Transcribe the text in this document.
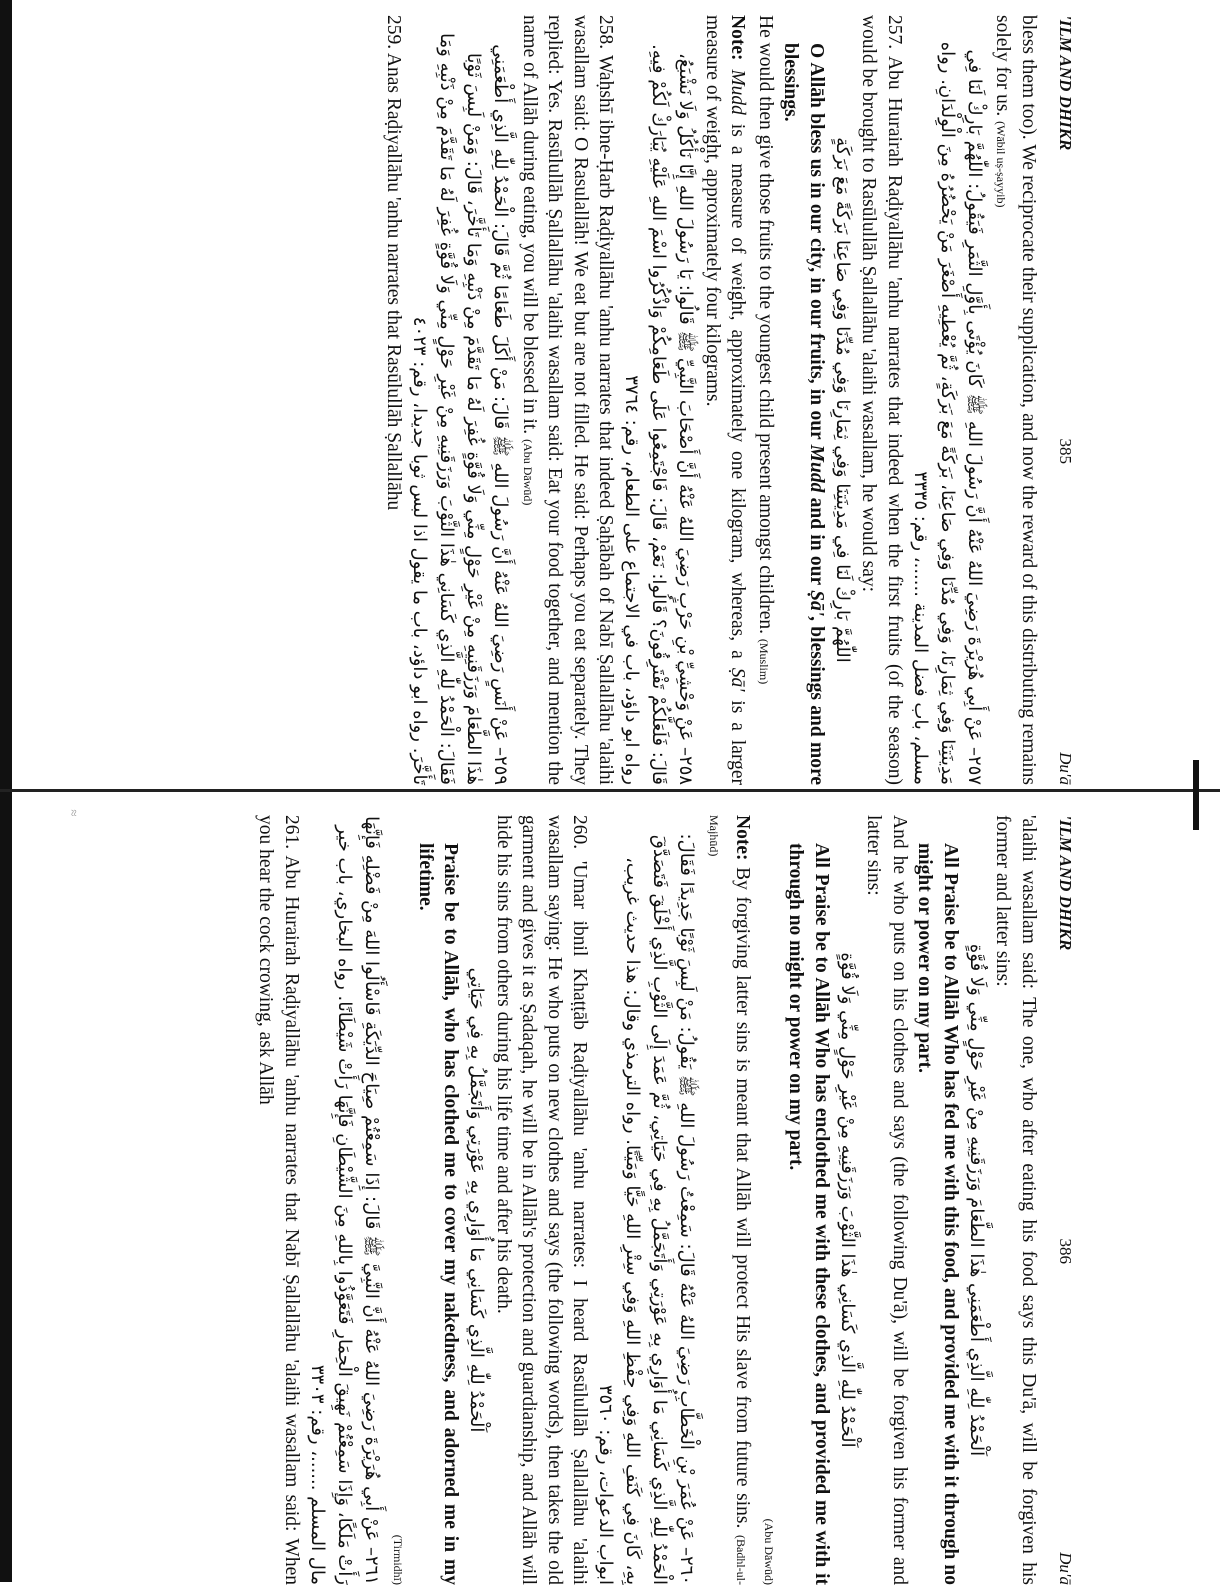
≈
'ILM AND DHIKR
385
Du'ā

bless them too). We reciprocate their supplication, and now the reward of this distributing remains solely for us. (Wābil uṣ-ṣayyib)

٢٥٧– عَنْ أَبِي هُرَيْرَةَ رَضِيَ اللهُ عَنْهُ أَنَّ رَسُولَ اللهِ ﷺ كَانَ يُؤْتَى بِأَوَّلِ الثَّمَرِ فَيَقُولُ: اللّٰهُمَّ بَارِكْ لَنَا فِي مَدِينَتِنَا وَفِي ثِمَارِنَا، وَفِي مُدِّنَا وَفِي صَاعِنَا، بَرَكَةً مَعَ بَرَكَةٍ، ثُمَّ يُعْطِيهِ أَصْغَرَ مَنْ يَحْضُرُهُ مِنَ الْوِلْدَانِ. رواه مسلم، باب فضل المدينة ......، رقم: ٣٣٣٥

257. Abu Hurairah Raḍiyallāhu 'anhu narrates that indeed when the first fruits (of the season) would be brought to Rasūlullāh Ṣallallāhu 'alaihi wasallam, he would say:

اللّٰهُمَّ بَارِكْ لَنَا فِي مَدِينَتِنَا وَفِي ثِمَارِنَا وَفِي مُدِّنَا وَفِي صَاعِنَا بَرَكَةً مَعَ بَرَكَةٍ

O Allāh bless us in our city, in our fruits, in our Mudd and in our Ṣā', blessings and more blessings.

He would then give those fruits to the youngest child present amongst children. (Muslim)

Note: Mudd is a measure of weight, approximately one kilogram, whereas, a Ṣā' is a larger measure of weight, approximately four kilograms.

٢٥٨– عَنْ وَحْشِيِّ بْنِ حَرْبٍ رَضِيَ اللهُ عَنْهُ أَنَّ أَصْحَابَ النَّبِيِّ ﷺ قَالُوا: يَا رَسُولَ اللهِ إِنَّا نَأْكُلُ وَلَا نَشْبَعُ، قَالَ: فَلَعَلَّكُمْ تَفْتَرِقُونَ؟ قَالُوا: نَعَمْ، قَالَ: فَاجْتَمِعُوا عَلَى طَعَامِكُمْ وَاذْكُرُوا اسْمَ اللهِ عَلَيْهِ يُبَارَكْ لَكُمْ فِيهِ. رواه ابو داؤد، باب في الاجتماع على الطعام، رقم: ٣٧٦٤

258. Waḥshī ibne-Ḥarb Raḍiyallāhu 'anhu narrates that indeed Ṣaḥābah of Nabī Ṣallallāhu 'alaihi wasallam said: O Rasulallāh! We eat but are not filled. He said: Perhaps you eat separately. They replied: Yes. Rasūlullāh Ṣallallāhu 'alaihi wasallam said: Eat your food together, and mention the name of Allāh during eating, you will be blessed in it. (Abu Dāwūd)

٢٥٩– عَنْ أَنَسٍ رَضِيَ اللهُ عَنْهُ أَنَّ رَسُولَ اللهِ ﷺ قَالَ: مَنْ أَكَلَ طَعَامًا ثُمَّ قَالَ: الْحَمْدُ لِلّٰهِ الَّذِي أَطْعَمَنِي هٰذَا الطَّعَامَ وَرَزَقَنِيهِ مِنْ غَيْرِ حَوْلٍ مِنِّي وَلَا قُوَّةٍ غُفِرَ لَهُ مَا تَقَدَّمَ مِنْ ذَنْبِهِ وَمَا تَأَخَّرَ، قَالَ: وَمَنْ لَبِسَ ثَوْبًا فَقَالَ: الْحَمْدُ لِلّٰهِ الَّذِي كَسَانِي هٰذَا الثَّوْبَ وَرَزَقَنِيهِ مِنْ غَيْرِ حَوْلٍ مِنِّي وَلَا قُوَّةٍ غُفِرَ لَهُ مَا تَقَدَّمَ مِنْ ذَنْبِهِ وَمَا تَأَخَّرَ. رواه ابو داؤد، باب ما يقول اذا لبس ثوبا جديدا، رقم: ٤٠٢٣

259. Anas Raḍiyallāhu 'anhu narrates that Rasūlullāh Ṣallallāhu

'ILM AND DHIKR
386
Du'ā

'alaihi wasallam said: The one, who after eating his food says this Du'ā, will be forgiven his former and latter sins:

اَلْحَمْدُ لِلّٰهِ الَّذِي أَطْعَمَنِي هٰذَا الطَّعَامَ وَرَزَقَنِيهِ مِنْ غَيْرِ حَوْلٍ مِنِّي وَلَا قُوَّةٍ

All Praise be to Allāh Who has fed me with this food, and provided me with it through no might or power on my part.

And he who puts on his clothes and says (the following Du'ā), will be forgiven his former and latter sins:

اَلْحَمْدُ لِلّٰهِ الَّذِي كَسَانِي هٰذَا الثَّوْبَ وَرَزَقَنِيهِ مِنْ غَيْرِ حَوْلٍ مِنِّي وَلَا قُوَّةٍ

All Praise be to Allāh Who has enclothed me with these clothes, and provided me with it through no might or power on my part.

(Abu Dāwūd)

Note: By forgiving latter sins is meant that Allāh will protect His slave from future sins. (Badhl-ul-Majhūd)

٢٦٠– عَنْ عُمَرَ بْنِ الْخَطَّابِ رَضِيَ اللهُ عَنْهُ قَالَ: سَمِعْتُ رَسُولَ اللهِ ﷺ يَقُولُ: مَنْ لَبِسَ ثَوْبًا جَدِيدًا فَقَالَ: الْحَمْدُ لِلّٰهِ الَّذِي كَسَانِي مَا أُوَارِي بِهِ عَوْرَتِي وَأَتَجَمَّلُ بِهِ فِي حَيَاتِي، ثُمَّ عَمَدَ إِلَى الثَّوْبِ الَّذِي أَخْلَقَ فَتَصَدَّقَ بِهِ، كَانَ فِي كَنَفِ اللهِ وَفِي حِفْظِ اللهِ وَفِي سِتْرِ اللهِ حَيًّا وَمَيِّتًا. رواه الترمذي وقال: هذا حديث غريب، ابواب الدعوات، رقم: ٣٥٦٠

260. 'Umar ibnil Khaṭṭāb Raḍiyallāhu 'anhu narrates: I heard Rasūlullāh Ṣallallāhu 'alaihi wasallam saying: He who puts on new clothes and says (the following words), then takes the old garment and gives it as Ṣadaqah, he will be in Allāh's protection and guardianship, and Allāh will hide his sins from others during his life time and after his death.

اَلْحَمْدُ لِلّٰهِ الَّذِي كَسَانِي مَا أُوَارِي بِهِ عَوْرَتِي وَأَتَجَمَّلُ بِهِ فِي حَيَاتِي

Praise be to Allāh, who has clothed me to cover my nakedness, and adorned me in my lifetime.

(Tirmidhī)

٢٦١– عَنْ أَبِي هُرَيْرَةَ رَضِيَ اللهُ عَنْهُ أَنَّ النَّبِيَّ ﷺ قَالَ: إِذَا سَمِعْتُمْ صِيَاحَ الدِّيَكَةِ فَاسْأَلُوا اللهَ مِنْ فَضْلِهِ فَإِنَّهَا رَأَتْ مَلَكًا، وَإِذَا سَمِعْتُمْ نَهِيقَ الْحِمَارِ فَتَعَوَّذُوا بِاللهِ مِنَ الشَّيْطَانِ فَإِنَّهَا رَأَتْ شَيْطَانًا. رواه البخاري، باب خير مال المسلم ......، رقم: ٣٣٠٣

261. Abu Hurairah Raḍiyallāhu 'anhu narrates that Nabī Ṣallallāhu 'alaihi wasallam said: When you hear the cock crowing, ask Allāh
